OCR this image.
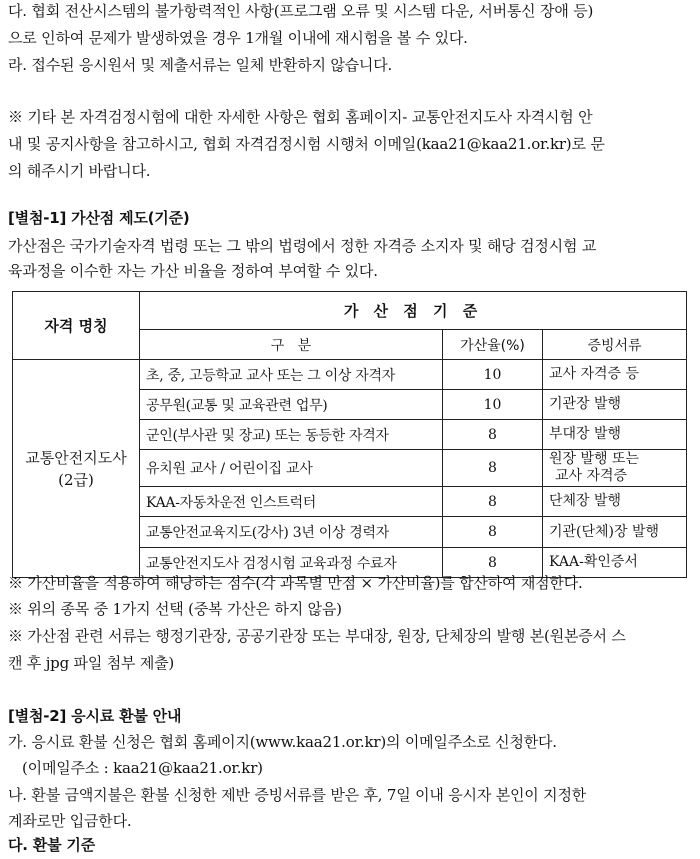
다. 협회 전산시스템의 불가항력적인 사항(프로그램 오류 및 시스템 다운, 서버통신 장애 등)

으로 인하여 문제가 발생하였을 경우 1개월 이내에 재시험을 볼 수 있다.

라. 접수된 응시원서 및 제출서류는 일체 반환하지 않습니다.

※ 기타 본 자격검정시험에 대한 자세한 사항은 협회 홈페이지- 교통안전지도사 자격시험 안

내 및 공지사항을 참고하시고, 협회 자격검정시험 시행처 이메일(kaa21@kaa21.or.kr)로 문

의 해주시기 바랍니다.

[별첨-1] 가산점 제도(기준)

가산점은 국가기술자격 법령 또는 그 밖의 법령에서 정한 자격증 소지자 및 해당 검정시험 교

육과정을 이수한 자는 가산 비율을 정하여 부여할 수 있다.

자격 명칭	가 산 점 기 준		
	구   분	가산율(%)	증빙서류

교통안전지도사
(2급)	초, 중, 고등학교 교사 또는 그 이상 자격자	10	교사 자격증 등
	공무원(교통 및 교육관련 업무)	10	기관장 발행
	군인(부사관 및 장교) 또는 동등한 자격자	8	부대장 발행
	유치원 교사 / 어린이집 교사	8	원장 발행 또는
교사 자격증

	KAA-자동차운전 인스트럭터	8	단체장 발행
	교통안전교육지도(강사) 3년 이상 경력자	8	기관(단체)장 발행
	교통안전지도사 검정시험 교육과정 수료자	8	KAA-확인증서

※ 가산비율을 적용하여 해당하는 점수(각 과목별 만점 × 가산비율)를 합산하여 채점한다.

※ 위의 종목 중 1가지 선택 (중복 가산은 하지 않음)

※ 가산점 관련 서류는 행정기관장, 공공기관장 또는 부대장, 원장, 단체장의 발행 본(원본증서 스

캔 후 jpg 파일 첨부 제출)

[별첨-2] 응시료 환불 안내

가. 응시료 환불 신청은 협회 홈페이지(www.kaa21.or.kr)의 이메일주소로 신청한다.

(이메일주소 : kaa21@kaa21.or.kr)

나. 환불 금액지불은 환불 신청한 제반 증빙서류를 받은 후, 7일 이내 응시자 본인이 지정한

계좌로만 입금한다.

다. 환불 기준
